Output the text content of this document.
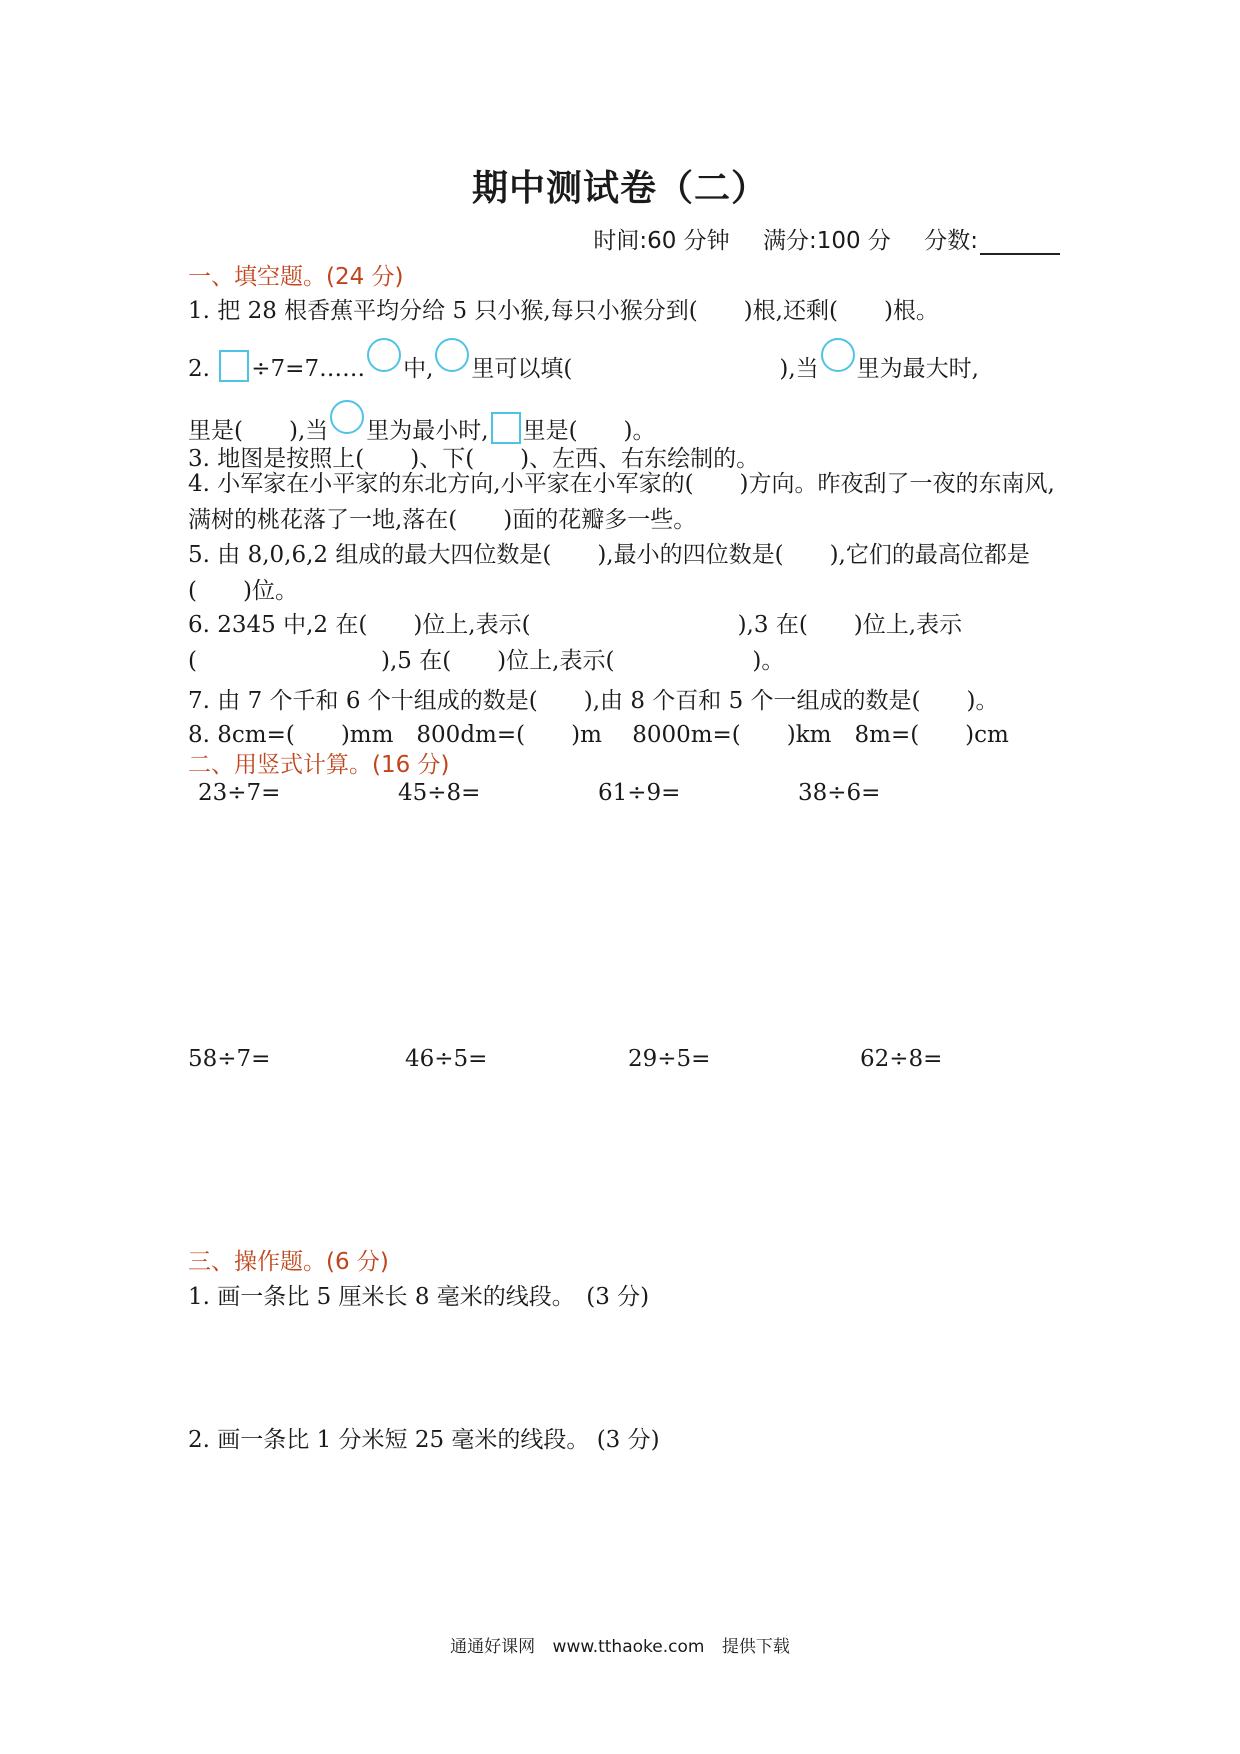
期中测试卷（二）
时间:60 分钟 满分:100 分 分数:
一、填空题。(24 分)
1. 把 28 根香蕉平均分给 5 只小猴,每只小猴分到(　　)根,还剩(　　)根。
2. ÷7=7…… 中, 里可以填(　　　　　　　　　),当 里为最大时,
里是(　　),当 里为最小时, 里是(　　)。
3. 地图是按照上(　　)、下(　　)、左西、右东绘制的。
4. 小军家在小平家的东北方向,小平家在小军家的(　　)方向。昨夜刮了一夜的东南风,满树的桃花落了一地,落在(　　)面的花瓣多一些。
5. 由 8,0,6,2 组成的最大四位数是(　　),最小的四位数是(　　),它们的最高位都是(　　)位。
6. 2345 中,2 在(　　)位上,表示(　　　　　　　　　),3 在(　　)位上,表示(　　　　　　　　),5 在(　　)位上,表示(　　　　　　)。
7. 由 7 个千和 6 个十组成的数是(　　),由 8 个百和 5 个一组成的数是(　　)。
8. 8cm=(　　)mm　800dm=(　　)m　 8000m=(　　)km　8m=(　　)cm
二、用竖式计算。(16 分)
23÷7=	45÷8=	61÷9=	38÷6=
58÷7=	46÷5=	29÷5=	62÷8=
三、操作题。(6 分)
1. 画一条比 5 厘米长 8 毫米的线段。　(3 分)
2. 画一条比 1 分米短 25 毫米的线段。 (3 分)
通通好课网 www.tthaoke.com 提供下载
